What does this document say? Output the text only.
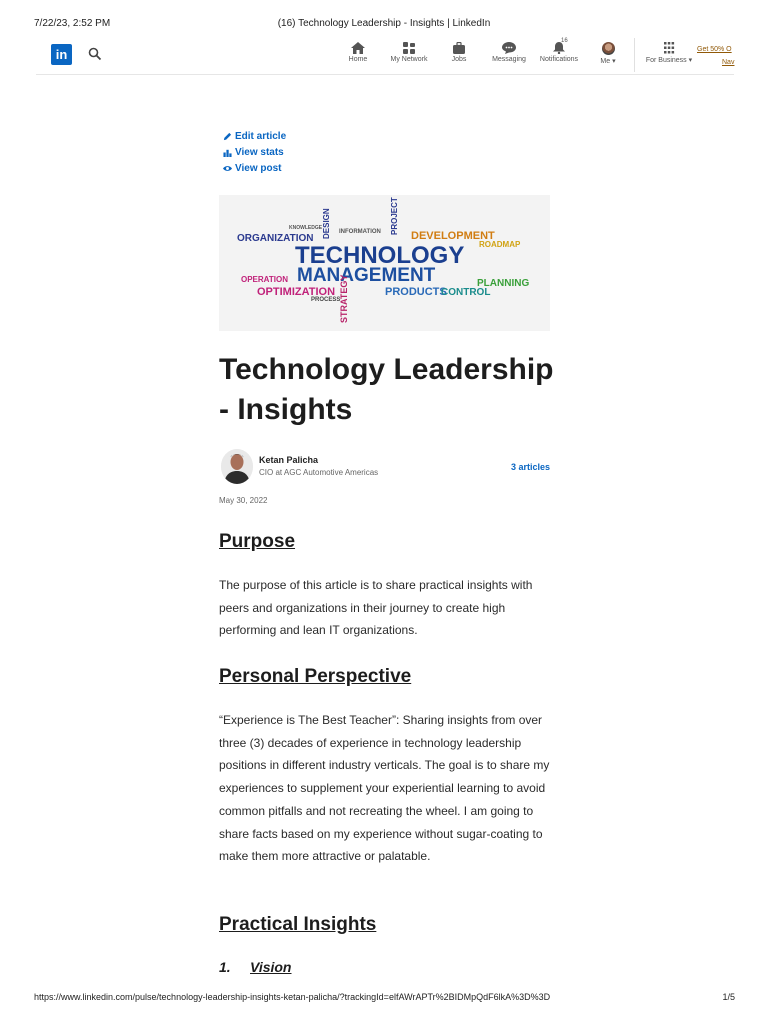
7/22/23, 2:52 PM	(16) Technology Leadership - Insights | LinkedIn
in	Home	My Network	Jobs	Messaging
16
Notifications	Me ▾	For Business ▾
Get 50% O
Nav
Edit article
View stats
View post
ORGANIZATION
TECHNOLOGY
MANAGEMENT
OPTIMIZATION	PRODUCTS
CONTROL
DEVELOPMENT
PLANNING
ROADMAP
OPERATION	STRATEGY
DESIGN
PROCESS
PROJECT
INFORMATION
KNOWLEDGE
Technology Leadership - Insights
Ketan Palicha
CIO at AGC Automotive Americas
3 articles
May 30, 2022
Purpose

The purpose of this article is to share practical insights with peers and organizations in their journey to create high performing and lean IT organizations.

Personal Perspective

“Experience is The Best Teacher”: Sharing insights from over three (3) decades of experience in technology leadership positions in different industry verticals. The goal is to share my experiences to supplement your experiential learning to avoid common pitfalls and not recreating the wheel. I am going to share facts based on my experience without sugar-coating to make them more attractive or palatable.

Practical Insights
1. Vision
https://www.linkedin.com/pulse/technology-leadership-insights-ketan-palicha/?trackingId=elfAWrAPTr%2BIDMpQdF6lkA%3D%3D	1/5
